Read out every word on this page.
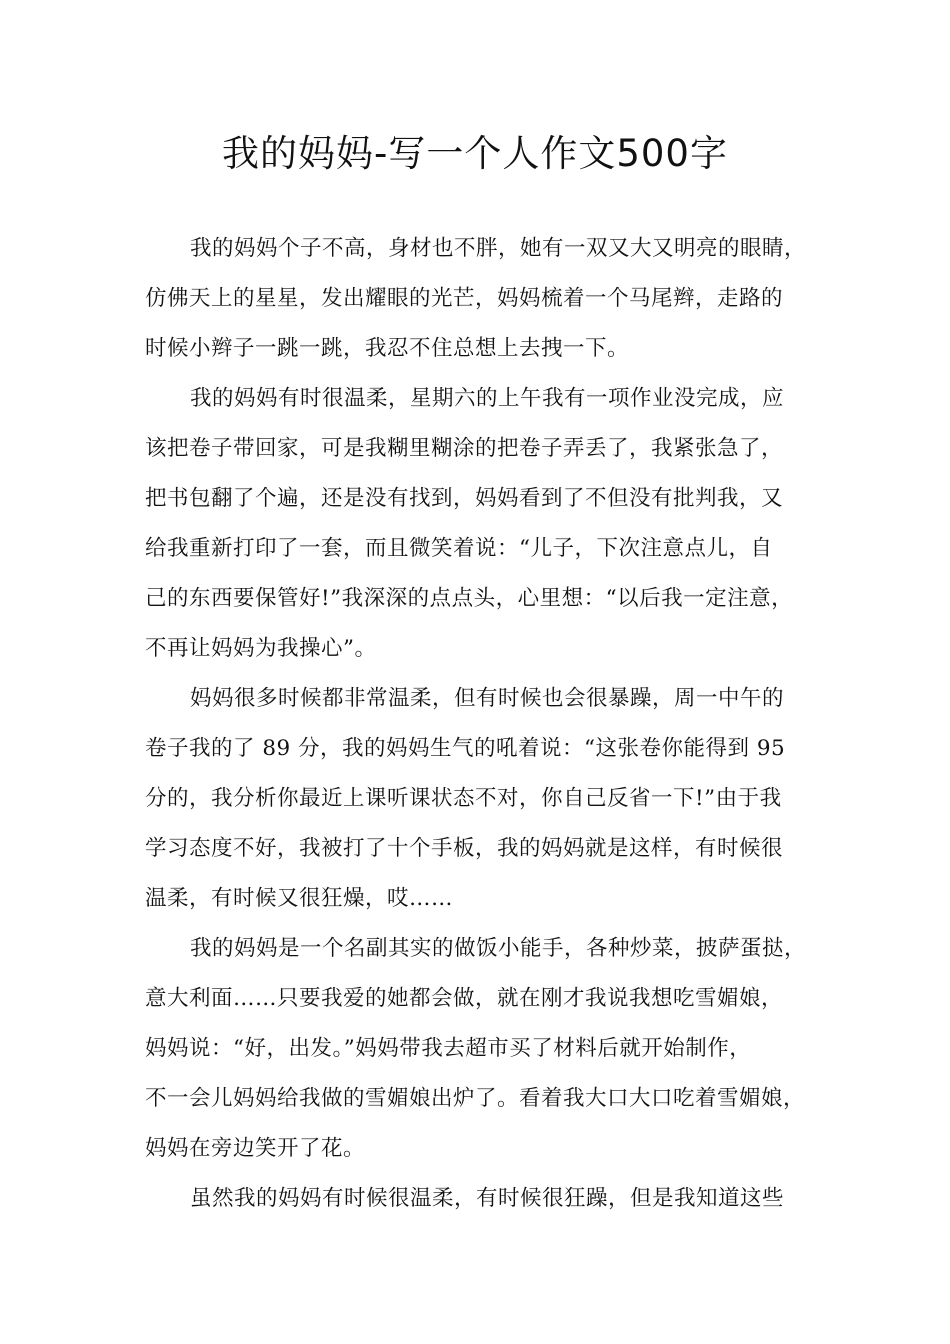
我的妈妈-写一个人作文500字
我的妈妈个子不高，身材也不胖，她有一双又大又明亮的眼睛，
仿佛天上的星星，发出耀眼的光芒，妈妈梳着一个马尾辫，走路的
时候小辫子一跳一跳，我忍不住总想上去拽一下。
我的妈妈有时很温柔，星期六的上午我有一项作业没完成，应
该把卷子带回家，可是我糊里糊涂的把卷子弄丢了，我紧张急了，
把书包翻了个遍，还是没有找到，妈妈看到了不但没有批判我，又
给我重新打印了一套，而且微笑着说：“儿子，下次注意点儿，自
己的东西要保管好!”我深深的点点头，心里想：“以后我一定注意，
不再让妈妈为我操心”。
妈妈很多时候都非常温柔，但有时候也会很暴躁，周一中午的
卷子我的了 89 分，我的妈妈生气的吼着说：“这张卷你能得到 95
分的，我分析你最近上课听课状态不对，你自己反省一下!”由于我
学习态度不好，我被打了十个手板，我的妈妈就是这样，有时候很
温柔，有时候又很狂燥，哎……
我的妈妈是一个名副其实的做饭小能手，各种炒菜，披萨蛋挞，
意大利面……只要我爱的她都会做，就在刚才我说我想吃雪媚娘，
妈妈说：“好，出发。”妈妈带我去超市买了材料后就开始制作，
不一会儿妈妈给我做的雪媚娘出炉了。看着我大口大口吃着雪媚娘，
妈妈在旁边笑开了花。
虽然我的妈妈有时候很温柔，有时候很狂躁，但是我知道这些
